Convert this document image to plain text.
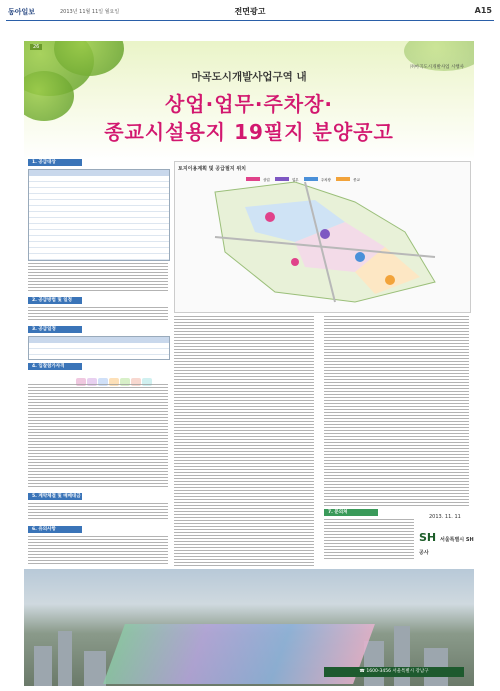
동아일보	2013년 11월 11일 월요일	전면광고	A15
26
㈜마곡도시개발사업 시행사
마곡도시개발사업구역 내
상업·업무·주차장·
종교시설용지 19필지 분양공고
1. 공급대상
2. 공급방법 및 일정
3. 공급일정
4. 입찰참가자격
5. 계약체결 및 매매대금
6. 유의사항
토지이용계획 및 공급필지 위치
상업	업무	주차장	종교
7. 문의처
2013. 11. 11
SH 서울특별시 SH공사
☎ 1600-3456 서울특별시 강남구
